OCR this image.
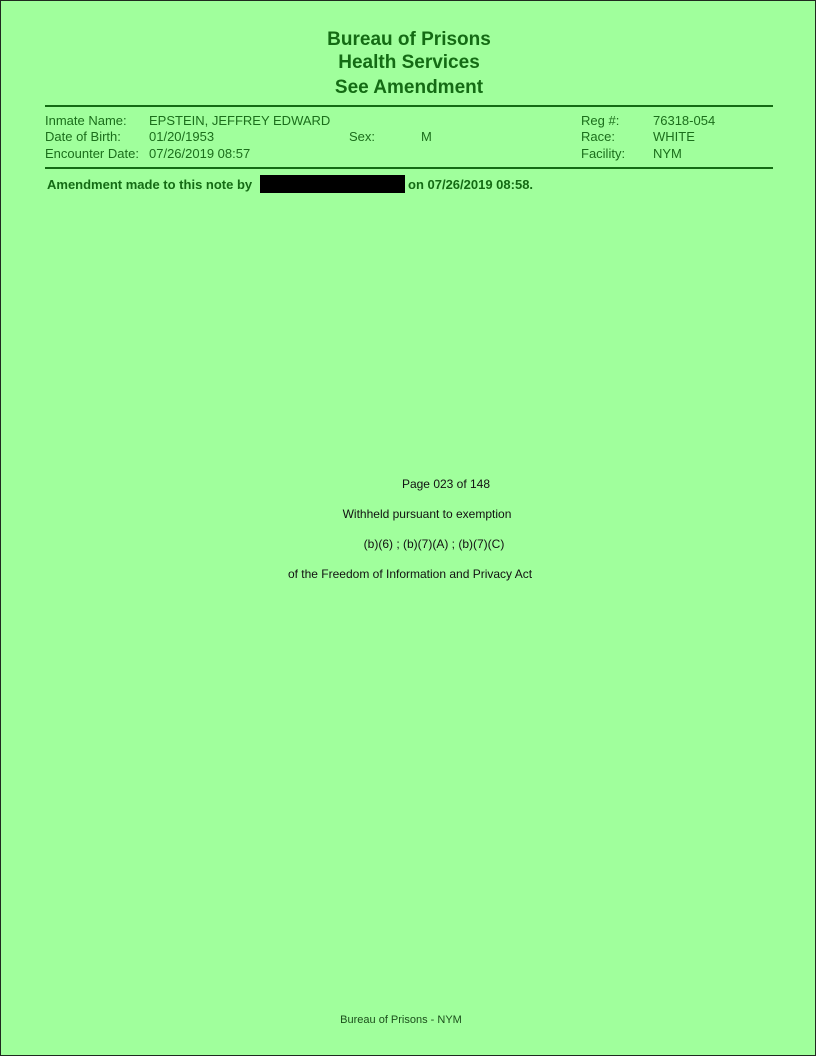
Bureau of Prisons
Health Services
See Amendment
Inmate Name: EPSTEIN, JEFFREY EDWARD
Date of Birth: 01/20/1953
Encounter Date: 07/26/2019 08:57
Sex:	M
Reg #:	76318-054
Race:	WHITE
Facility: NYM
Amendment made to this note by	on 07/26/2019 08:58.
Page 023 of 148
Withheld pursuant to exemption
(b)(6) ; (b)(7)(A) ; (b)(7)(C)
of the Freedom of Information and Privacy Act
Bureau of Prisons - NYM
